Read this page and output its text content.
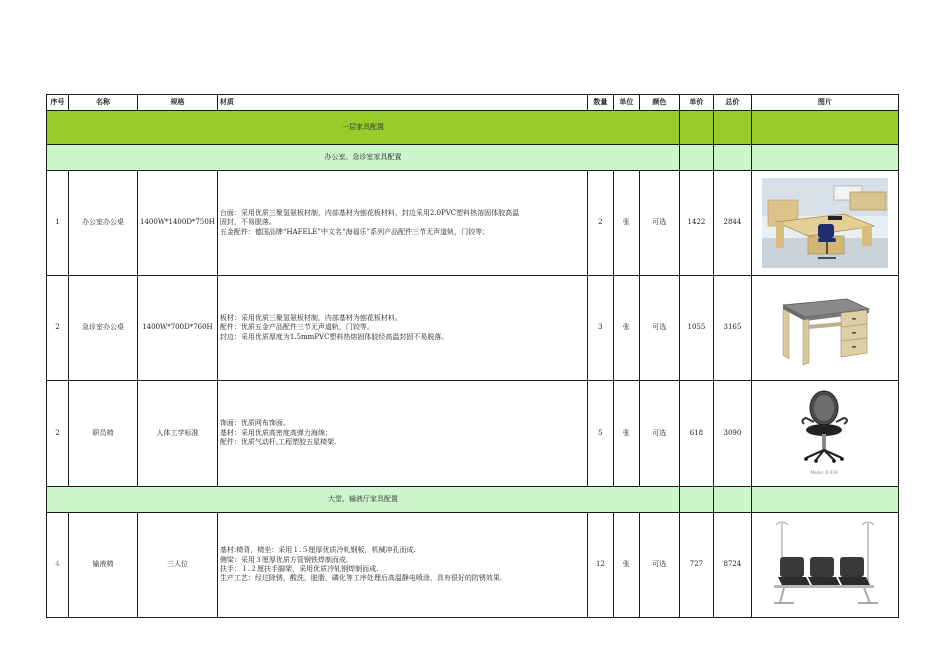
序号	名称	规格	材质	数量	单位	颜色	单价	总价	图片
一层家具配置									
办公室、急诊室家具配置									
1	办公室办公桌	1400W*1400D*750H	台面：采用优质三聚氢氨板材制，内部基材为刨花板材料，封边采用2.0PVC塑料热溶固体胶高温
固封，不易脱落。
五金配件：德国品牌“HAFELE”中文名“海福乐”系列产品配件三节无声道轨，门铰等；	2	张	可选	1422	2844	

2	急诊室办公桌	1400W*700D*760H	板材：采用优质三聚氢氨板材制，内部基材为刨花板材料。
配件：优质五金产品配件三节无声道轨，门铰等。
封边：采用优质厚度为1.5mmPVC塑料热熔固体胶经高温封固不易脱落。	3	张	可选	1055	3165	

2	职员椅	人体工学标准	饰面：优质网布饰面。
基材：采用优质高密度高弹力海绵；
配件：优质气动杆,工程塑胶五星椅架.	5	张	可选	618	3090	Model: D-039

大堂、输液厅家具配置									
4	输液椅	三人位	基材:椅背，椅坐：采用１.５厘厚优质冷轧钢板，机械冲孔而成.
侧梁：采用３厘厚优质方管钢铁焊制而成.
扶手：１.２厘扶手脚架，采用优质冷轧钢焊制而成.
生产工艺：经过除锈，酸洗，脱脂，磷化等工序处理后高温静电喷涂，具有很好的防锈效果.	12	张	可选	727	8724	
